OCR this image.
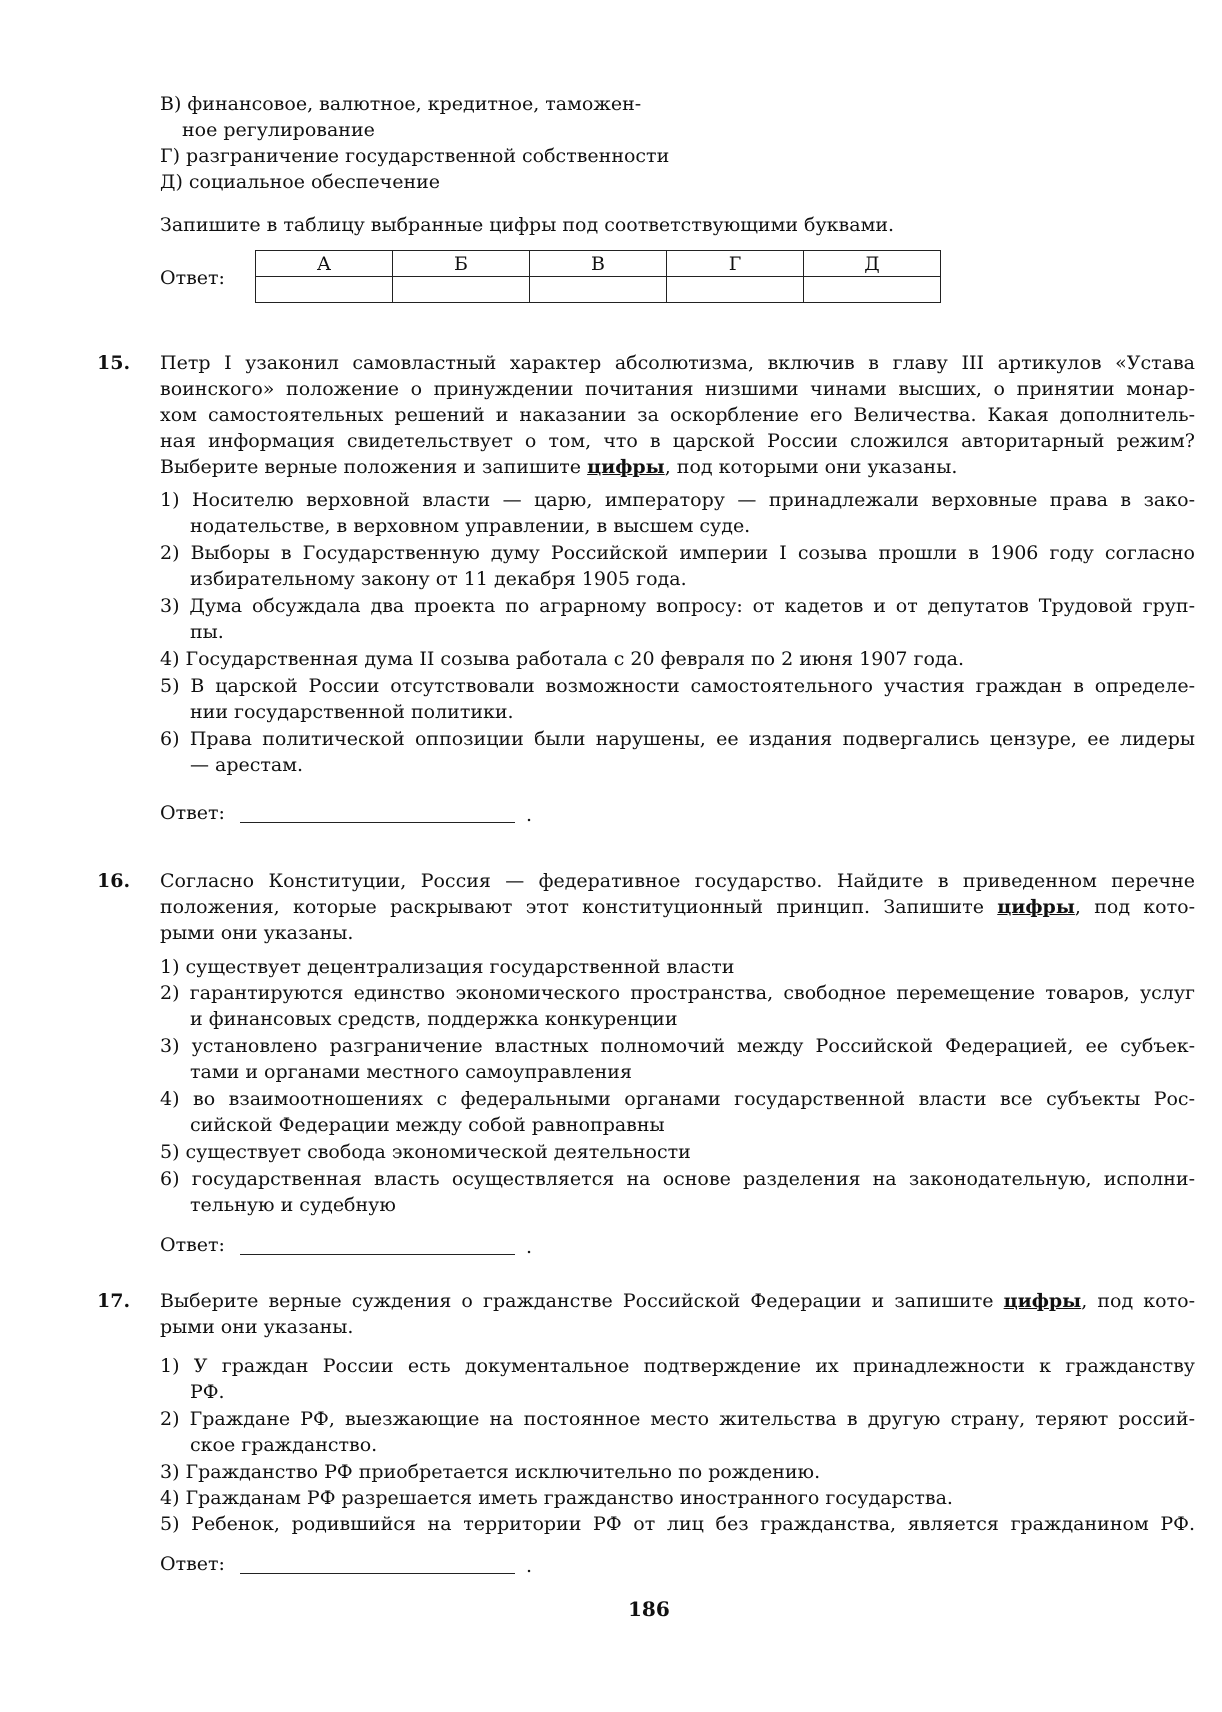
В) финансовое, валютное, кредитное, таможен-
ное регулирование
Г) разграничение государственной собственности
Д) социальное обеспечение
Запишите в таблицу выбранные цифры под соответствующими буквами.
Ответ:
А	Б	В	Г	Д

15. Петр I узаконил самовластный характер абсолютизма, включив в главу III артикулов «Устава
воинского» положение о принуждении почитания низшими чинами высших, о принятии монар-
хом самостоятельных решений и наказании за оскорбление его Величества. Какая дополнитель-
ная информация свидетельствует о том, что в царской России сложился авторитарный режим?
Выберите верные положения и запишите цифры, под которыми они указаны.
1) Носителю верховной власти — царю, императору — принадлежали верховные права в зако-
нодательстве, в верховном управлении, в высшем суде.
2) Выборы в Государственную думу Российской империи I созыва прошли в 1906 году согласно
избирательному закону от 11 декабря 1905 года.
3) Дума обсуждала два проекта по аграрному вопросу: от кадетов и от депутатов Трудовой груп-
пы.
4) Государственная дума II созыва работала с 20 февраля по 2 июня 1907 года.
5) В царской России отсутствовали возможности самостоятельного участия граждан в определе-
нии государственной политики.
6) Права политической оппозиции были нарушены, ее издания подвергались цензуре, ее лидеры
— арестам.
Ответ:	.
16. Согласно Конституции, Россия — федеративное государство. Найдите в приведенном перечне
положения, которые раскрывают этот конституционный принцип. Запишите цифры, под кото-
рыми они указаны.
1) существует децентрализация государственной власти
2) гарантируются единство экономического пространства, свободное перемещение товаров, услуг
и финансовых средств, поддержка конкуренции
3) установлено разграничение властных полномочий между Российской Федерацией, ее субъек-
тами и органами местного самоуправления
4) во взаимоотношениях с федеральными органами государственной власти все субъекты Рос-
сийской Федерации между собой равноправны
5) существует свобода экономической деятельности
6) государственная власть осуществляется на основе разделения на законодательную, исполни-
тельную и судебную
Ответ:	.
17. Выберите верные суждения о гражданстве Российской Федерации и запишите цифры, под кото-
рыми они указаны.
1) У граждан России есть документальное подтверждение их принадлежности к гражданству
РФ.
2) Граждане РФ, выезжающие на постоянное место жительства в другую страну, теряют россий-
ское гражданство.
3) Гражданство РФ приобретается исключительно по рождению.
4) Гражданам РФ разрешается иметь гражданство иностранного государства.
5) Ребенок, родившийся на территории РФ от лиц без гражданства, является гражданином РФ.
Ответ:	.
186
